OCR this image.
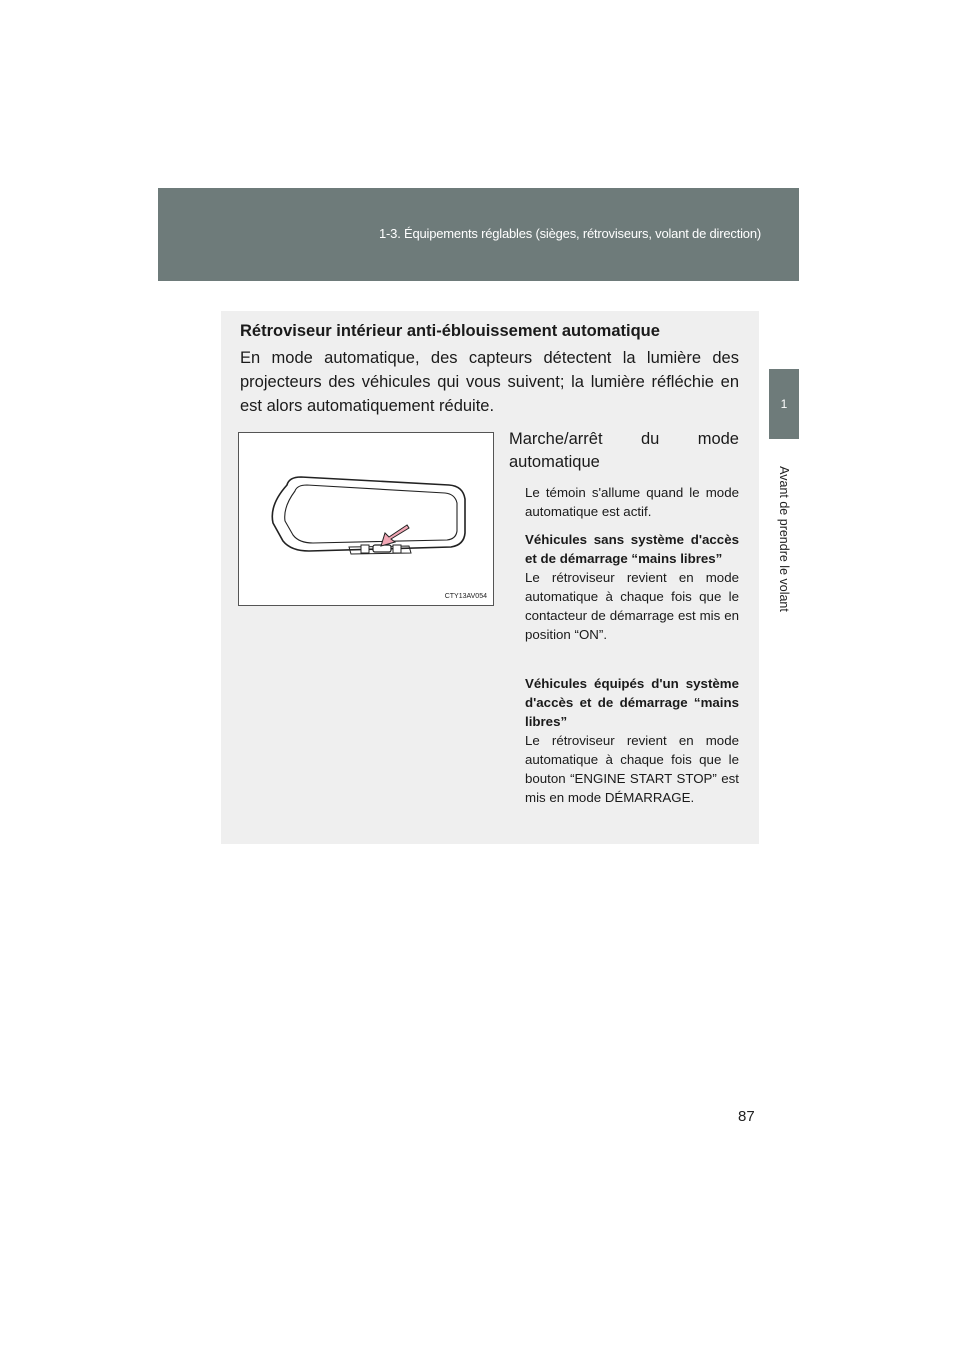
1-3. Équipements réglables (sièges, rétroviseurs, volant de direction)
1
Avant de prendre le volant
Rétroviseur intérieur anti-éblouissement automatique
En mode automatique, des capteurs détectent la lumière des projecteurs des véhicules qui vous suivent; la lumière réfléchie en est alors automatiquement réduite.
CTY13AV054
Marche/arrêt du mode
automatique
Le témoin s'allume quand le mode automatique est actif.
Véhicules sans système d'accès et de démarrage “mains libres”
Le rétroviseur revient en mode automatique à chaque fois que le contacteur de démarrage est mis en position “ON”.
Véhicules équipés d'un système d'accès et de démarrage “mains libres”
Le rétroviseur revient en mode automatique à chaque fois que le bouton “ENGINE START STOP” est mis en mode DÉMARRAGE.
87
